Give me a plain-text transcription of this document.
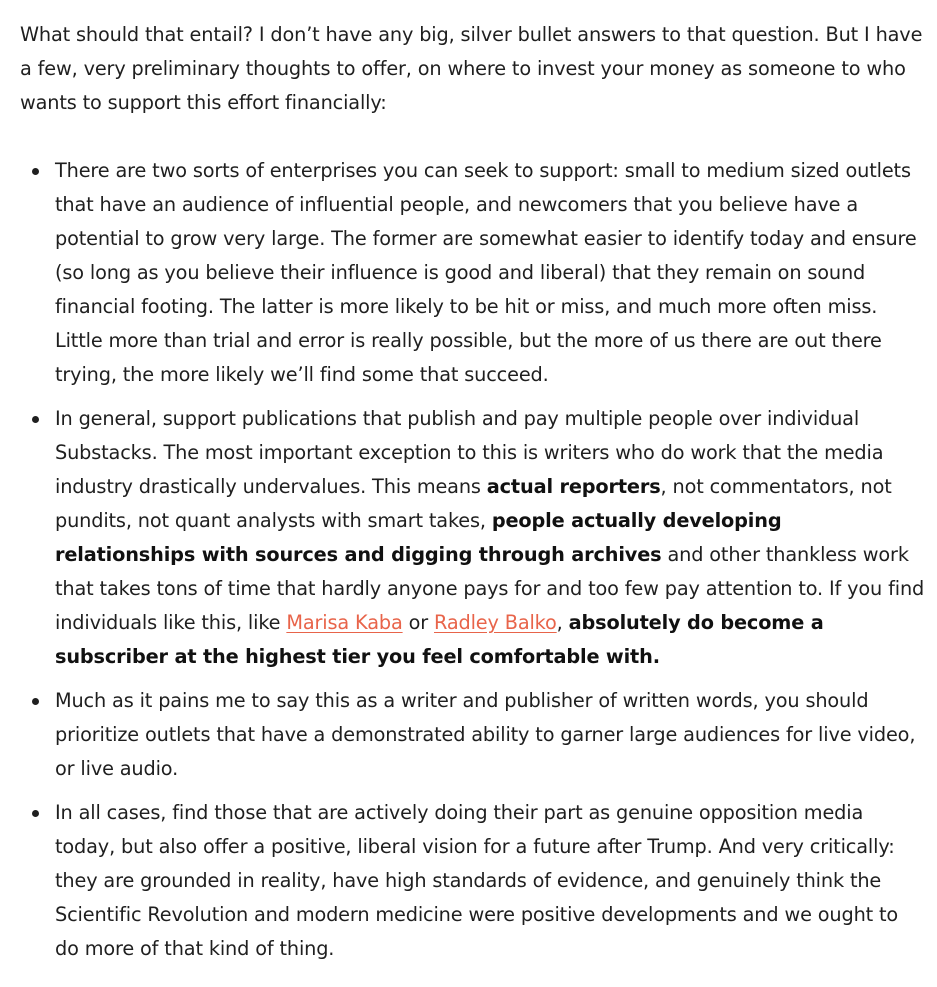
What should that entail? I don’t have any big, silver bullet answers to that question. But I have a few, very preliminary thoughts to offer, on where to invest your money as someone to who wants to support this effort financially:

There are two sorts of enterprises you can seek to support: small to medium sized outlets that have an audience of influential people, and newcomers that you believe have a potential to grow very large. The former are somewhat easier to identify today and ensure (so long as you believe their influence is good and liberal) that they remain on sound financial footing. The latter is more likely to be hit or miss, and much more often miss. Little more than trial and error is really possible, but the more of us there are out there trying, the more likely we’ll find some that succeed.
In general, support publications that publish and pay multiple people over individual Substacks. The most important exception to this is writers who do work that the media industry drastically undervalues. This means actual reporters, not commentators, not pundits, not quant analysts with smart takes, people actually developing relationships with sources and digging through archives and other thankless work that takes tons of time that hardly anyone pays for and too few pay attention to. If you find individuals like this, like Marisa Kaba or Radley Balko, absolutely do become a subscriber at the highest tier you feel comfortable with.
Much as it pains me to say this as a writer and publisher of written words, you should prioritize outlets that have a demonstrated ability to garner large audiences for live video, or live audio.
In all cases, find those that are actively doing their part as genuine opposition media today, but also offer a positive, liberal vision for a future after Trump. And very critically: they are grounded in reality, have high standards of evidence, and genuinely think the Scientific Revolution and modern medicine were positive developments and we ought to do more of that kind of thing.
